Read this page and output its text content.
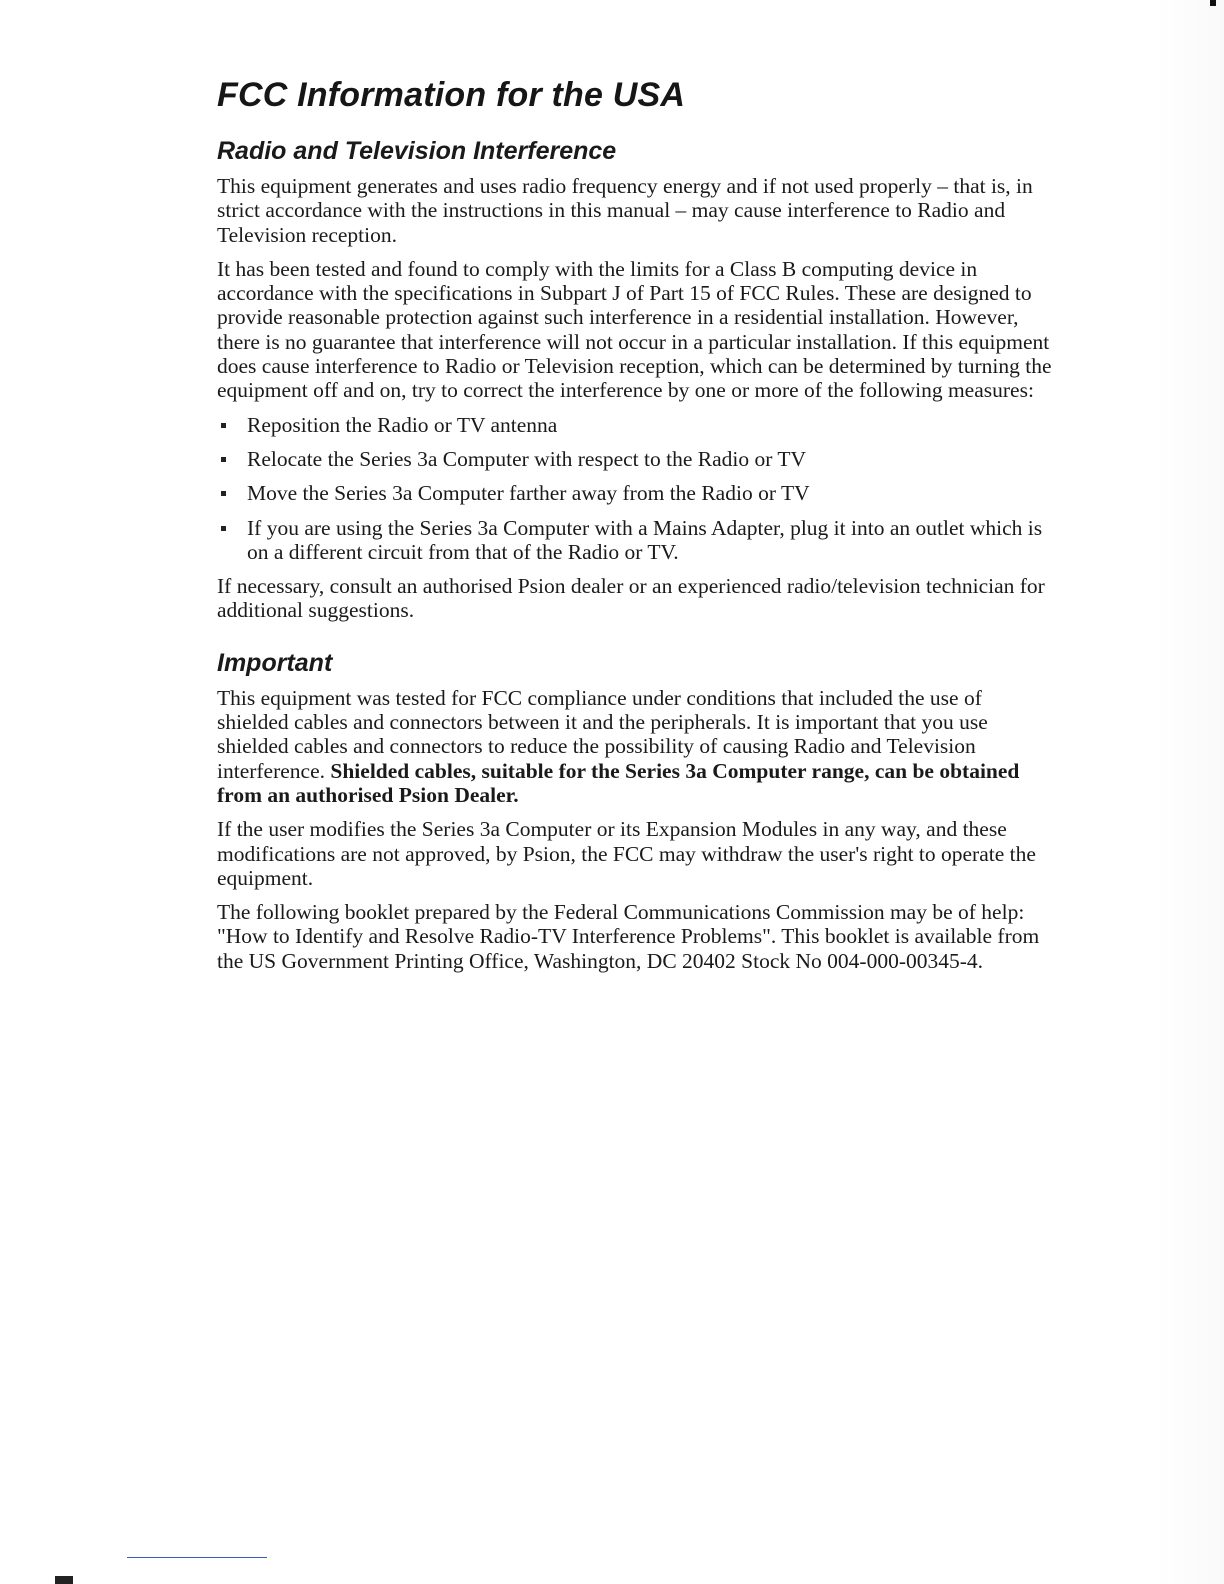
FCC Information for the USA
Radio and Television Interference

This equipment generates and uses radio frequency energy and if not used properly – that is, in strict accordance with the instructions in this manual – may cause interference to Radio and Television reception.

It has been tested and found to comply with the limits for a Class B computing device in accordance with the specifications in Subpart J of Part 15 of FCC Rules. These are designed to provide reasonable protection against such interference in a residential installation. However, there is no guarantee that interference will not occur in a particular installation. If this equipment does cause interference to Radio or Television reception, which can be determined by turning the equipment off and on, try to correct the interference by one or more of the following measures:

Reposition the Radio or TV antenna
Relocate the Series 3a Computer with respect to the Radio or TV
Move the Series 3a Computer farther away from the Radio or TV
If you are using the Series 3a Computer with a Mains Adapter, plug it into an outlet which is on a different circuit from that of the Radio or TV.

If necessary, consult an authorised Psion dealer or an experienced radio/television technician for additional suggestions.

Important

This equipment was tested for FCC compliance under conditions that included the use of shielded cables and connectors between it and the peripherals. It is important that you use shielded cables and connectors to reduce the possibility of causing Radio and Television interference. Shielded cables, suitable for the Series 3a Computer range, can be obtained from an authorised Psion Dealer.

If the user modifies the Series 3a Computer or its Expansion Modules in any way, and these modifications are not approved, by Psion, the FCC may withdraw the user's right to operate the equipment.

The following booklet prepared by the Federal Communications Commission may be of help: "How to Identify and Resolve Radio-TV Interference Problems". This booklet is available from the US Government Printing Office, Washington, DC 20402 Stock No 004-000-00345-4.
